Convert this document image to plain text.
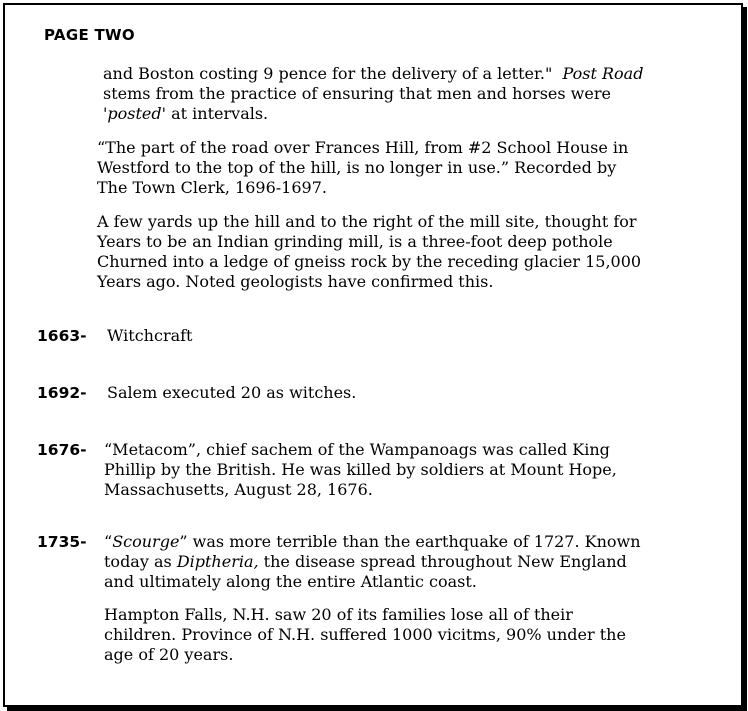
PAGE TWO
and Boston costing 9 pence for the delivery of a letter." Post Road
stems from the practice of ensuring that men and horses were
'posted' at intervals.
“The part of the road over Frances Hill, from #2 School House in
Westford to the top of the hill, is no longer in use.” Recorded by
The Town Clerk, 1696-1697.
A few yards up the hill and to the right of the mill site, thought for
Years to be an Indian grinding mill, is a three-foot deep pothole
Churned into a ledge of gneiss rock by the receding glacier 15,000
Years ago. Noted geologists have confirmed this.
1663- Witchcraft
1692- Salem executed 20 as witches.
1676- “Metacom”, chief sachem of the Wampanoags was called King
Phillip by the British. He was killed by soldiers at Mount Hope,
Massachusetts, August 28, 1676.
1735- “Scourge” was more terrible than the earthquake of 1727. Known
today as Diptheria, the disease spread throughout New England
and ultimately along the entire Atlantic coast.
Hampton Falls, N.H. saw 20 of its families lose all of their
children. Province of N.H. suffered 1000 vicitms, 90% under the
age of 20 years.
